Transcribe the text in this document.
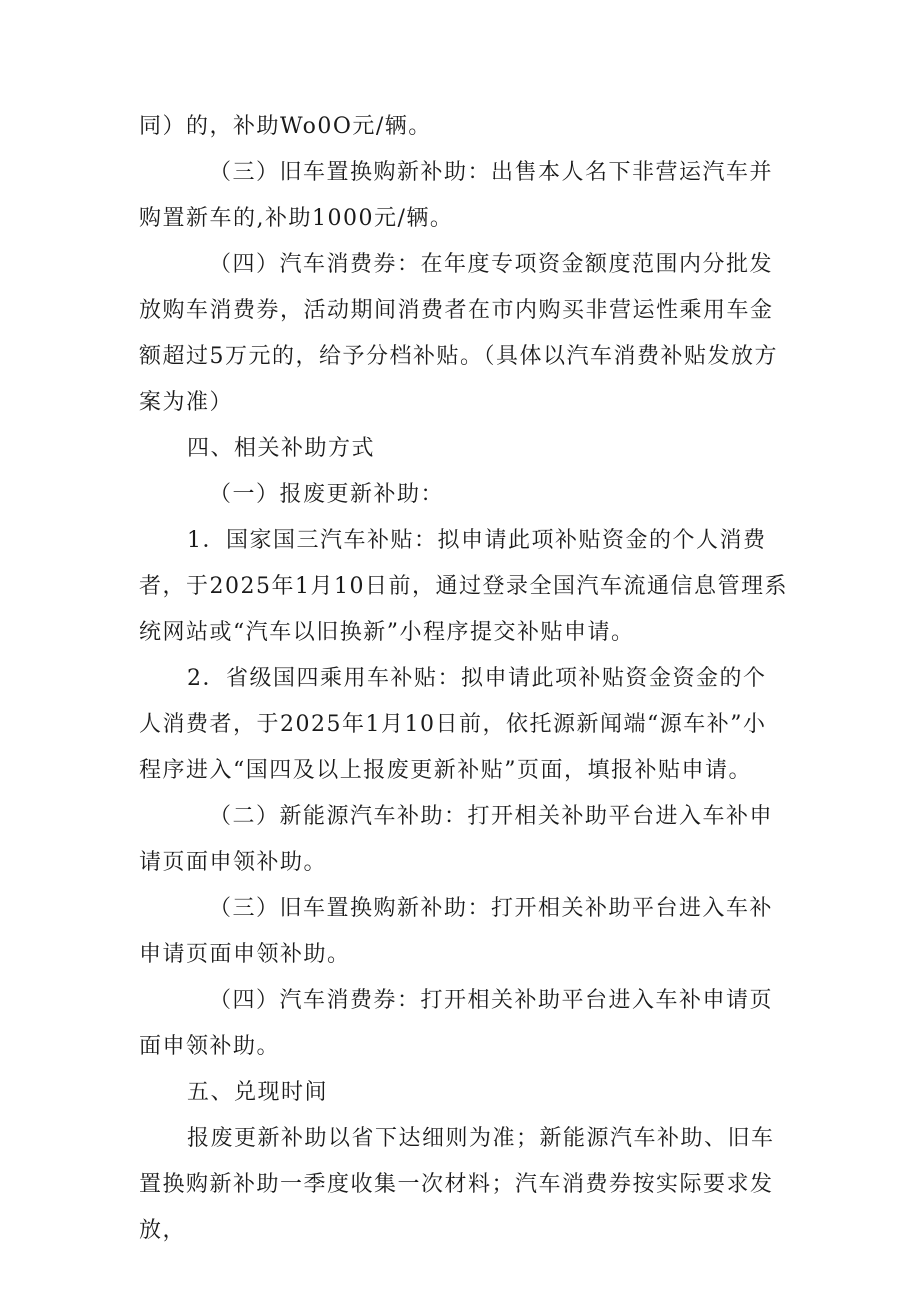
同）的，补助Wo0O元/辆。

（三）旧车置换购新补助：出售本人名下非营运汽车并购置新车的,补助1000元/辆。

（四）汽车消费券：在年度专项资金额度范围内分批发放购车消费券，活动期间消费者在市内购买非营运性乘用车金额超过5万元的，给予分档补贴。（具体以汽车消费补贴发放方案为准）

四、相关补助方式

（一）报废更新补助：

1．国家国三汽车补贴：拟申请此项补贴资金的个人消费者，于2025年1月10日前，通过登录全国汽车流通信息管理系统网站或“汽车以旧换新”小程序提交补贴申请。

2．省级国四乘用车补贴：拟申请此项补贴资金资金的个人消费者，于2025年1月10日前，依托源新闻端“源车补”小程序进入“国四及以上报废更新补贴”页面，填报补贴申请。

（二）新能源汽车补助：打开相关补助平台进入车补申请页面申领补助。

（三）旧车置换购新补助：打开相关补助平台进入车补申请页面申领补助。

（四）汽车消费券：打开相关补助平台进入车补申请页面申领补助。

五、兑现时间

报废更新补助以省下达细则为准；新能源汽车补助、旧车置换购新补助一季度收集一次材料；汽车消费券按实际要求发放，
